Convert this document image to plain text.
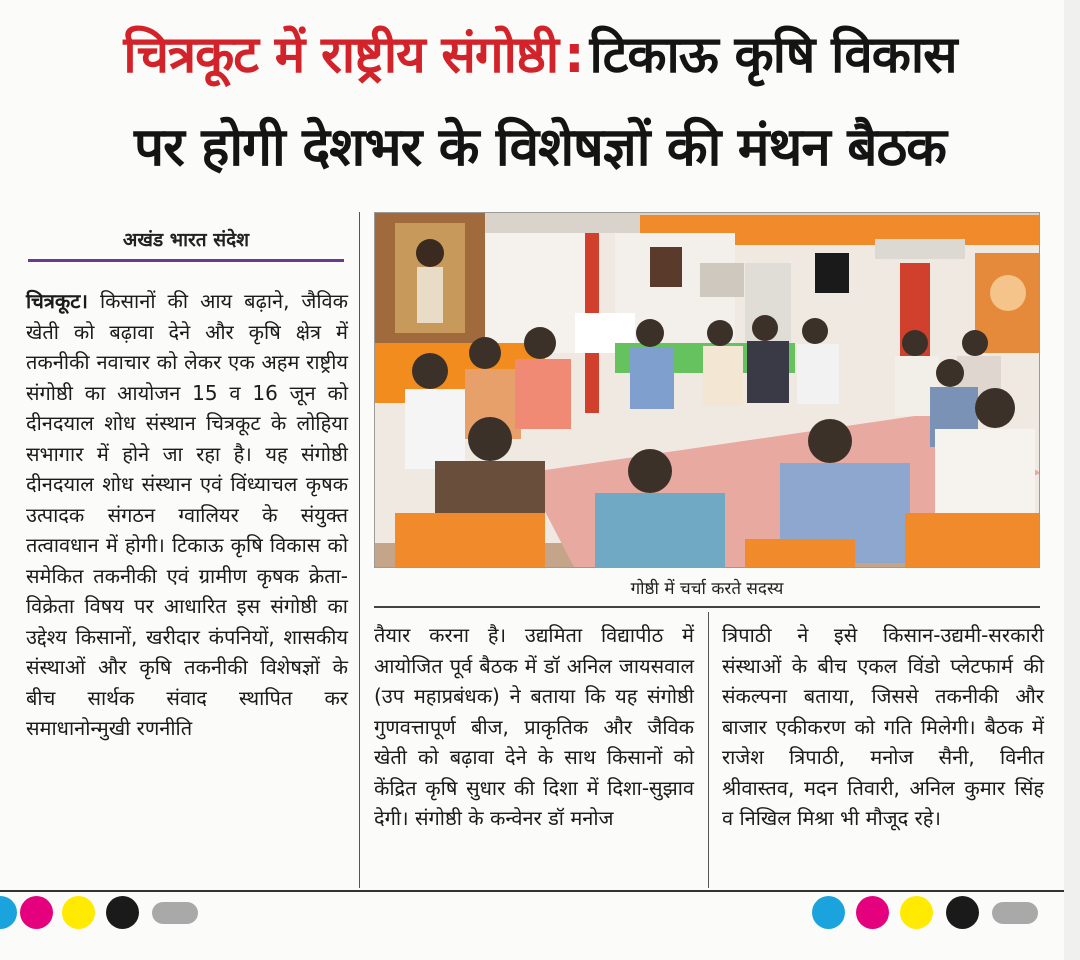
चित्रकूट में राष्ट्रीय संगोष्ठी : टिकाऊ कृषि विकास
पर होगी देशभर के विशेषज्ञों की मंथन बैठक
अखंड भारत संदेश
चित्रकूट। किसानों की आय बढ़ाने, जैविक खेती को बढ़ावा देने और कृषि क्षेत्र में तकनीकी नवाचार को लेकर एक अहम राष्ट्रीय संगोष्ठी का आयोजन 15 व 16 जून को दीनदयाल शोध संस्थान चित्रकूट के लोहिया सभागार में होने जा रहा है। यह संगोष्ठी दीनदयाल शोध संस्थान एवं विंध्याचल कृषक उत्पादक संगठन ग्वालियर के संयुक्त तत्वावधान में होगी। टिकाऊ कृषि विकास को समेकित तकनीकी एवं ग्रामीण कृषक क्रेता-विक्रेता विषय पर आधारित इस संगोष्ठी का उद्देश्य किसानों, खरीदार कंपनियों, शासकीय संस्थाओं और कृषि तकनीकी विशेषज्ञों के बीच सार्थक संवाद स्थापित कर समाधानोन्मुखी रणनीति
गोष्ठी में चर्चा करते सदस्य
तैयार करना है। उद्यमिता विद्यापीठ में आयोजित पूर्व बैठक में डॉ अनिल जायसवाल (उप महाप्रबंधक) ने बताया कि यह संगोष्ठी गुणवत्तापूर्ण बीज, प्राकृतिक और जैविक खेती को बढ़ावा देने के साथ किसानों को केंद्रित कृषि सुधार की दिशा में दिशा-सुझाव देगी। संगोष्ठी के कन्वेनर डॉ मनोज
त्रिपाठी ने इसे किसान-उद्यमी-सरकारी संस्थाओं के बीच एकल विंडो प्लेटफार्म की संकल्पना बताया, जिससे तकनीकी और बाजार एकीकरण को गति मिलेगी। बैठक में राजेश त्रिपाठी, मनोज सैनी, विनीत श्रीवास्तव, मदन तिवारी, अनिल कुमार सिंह व निखिल मिश्रा भी मौजूद रहे।
